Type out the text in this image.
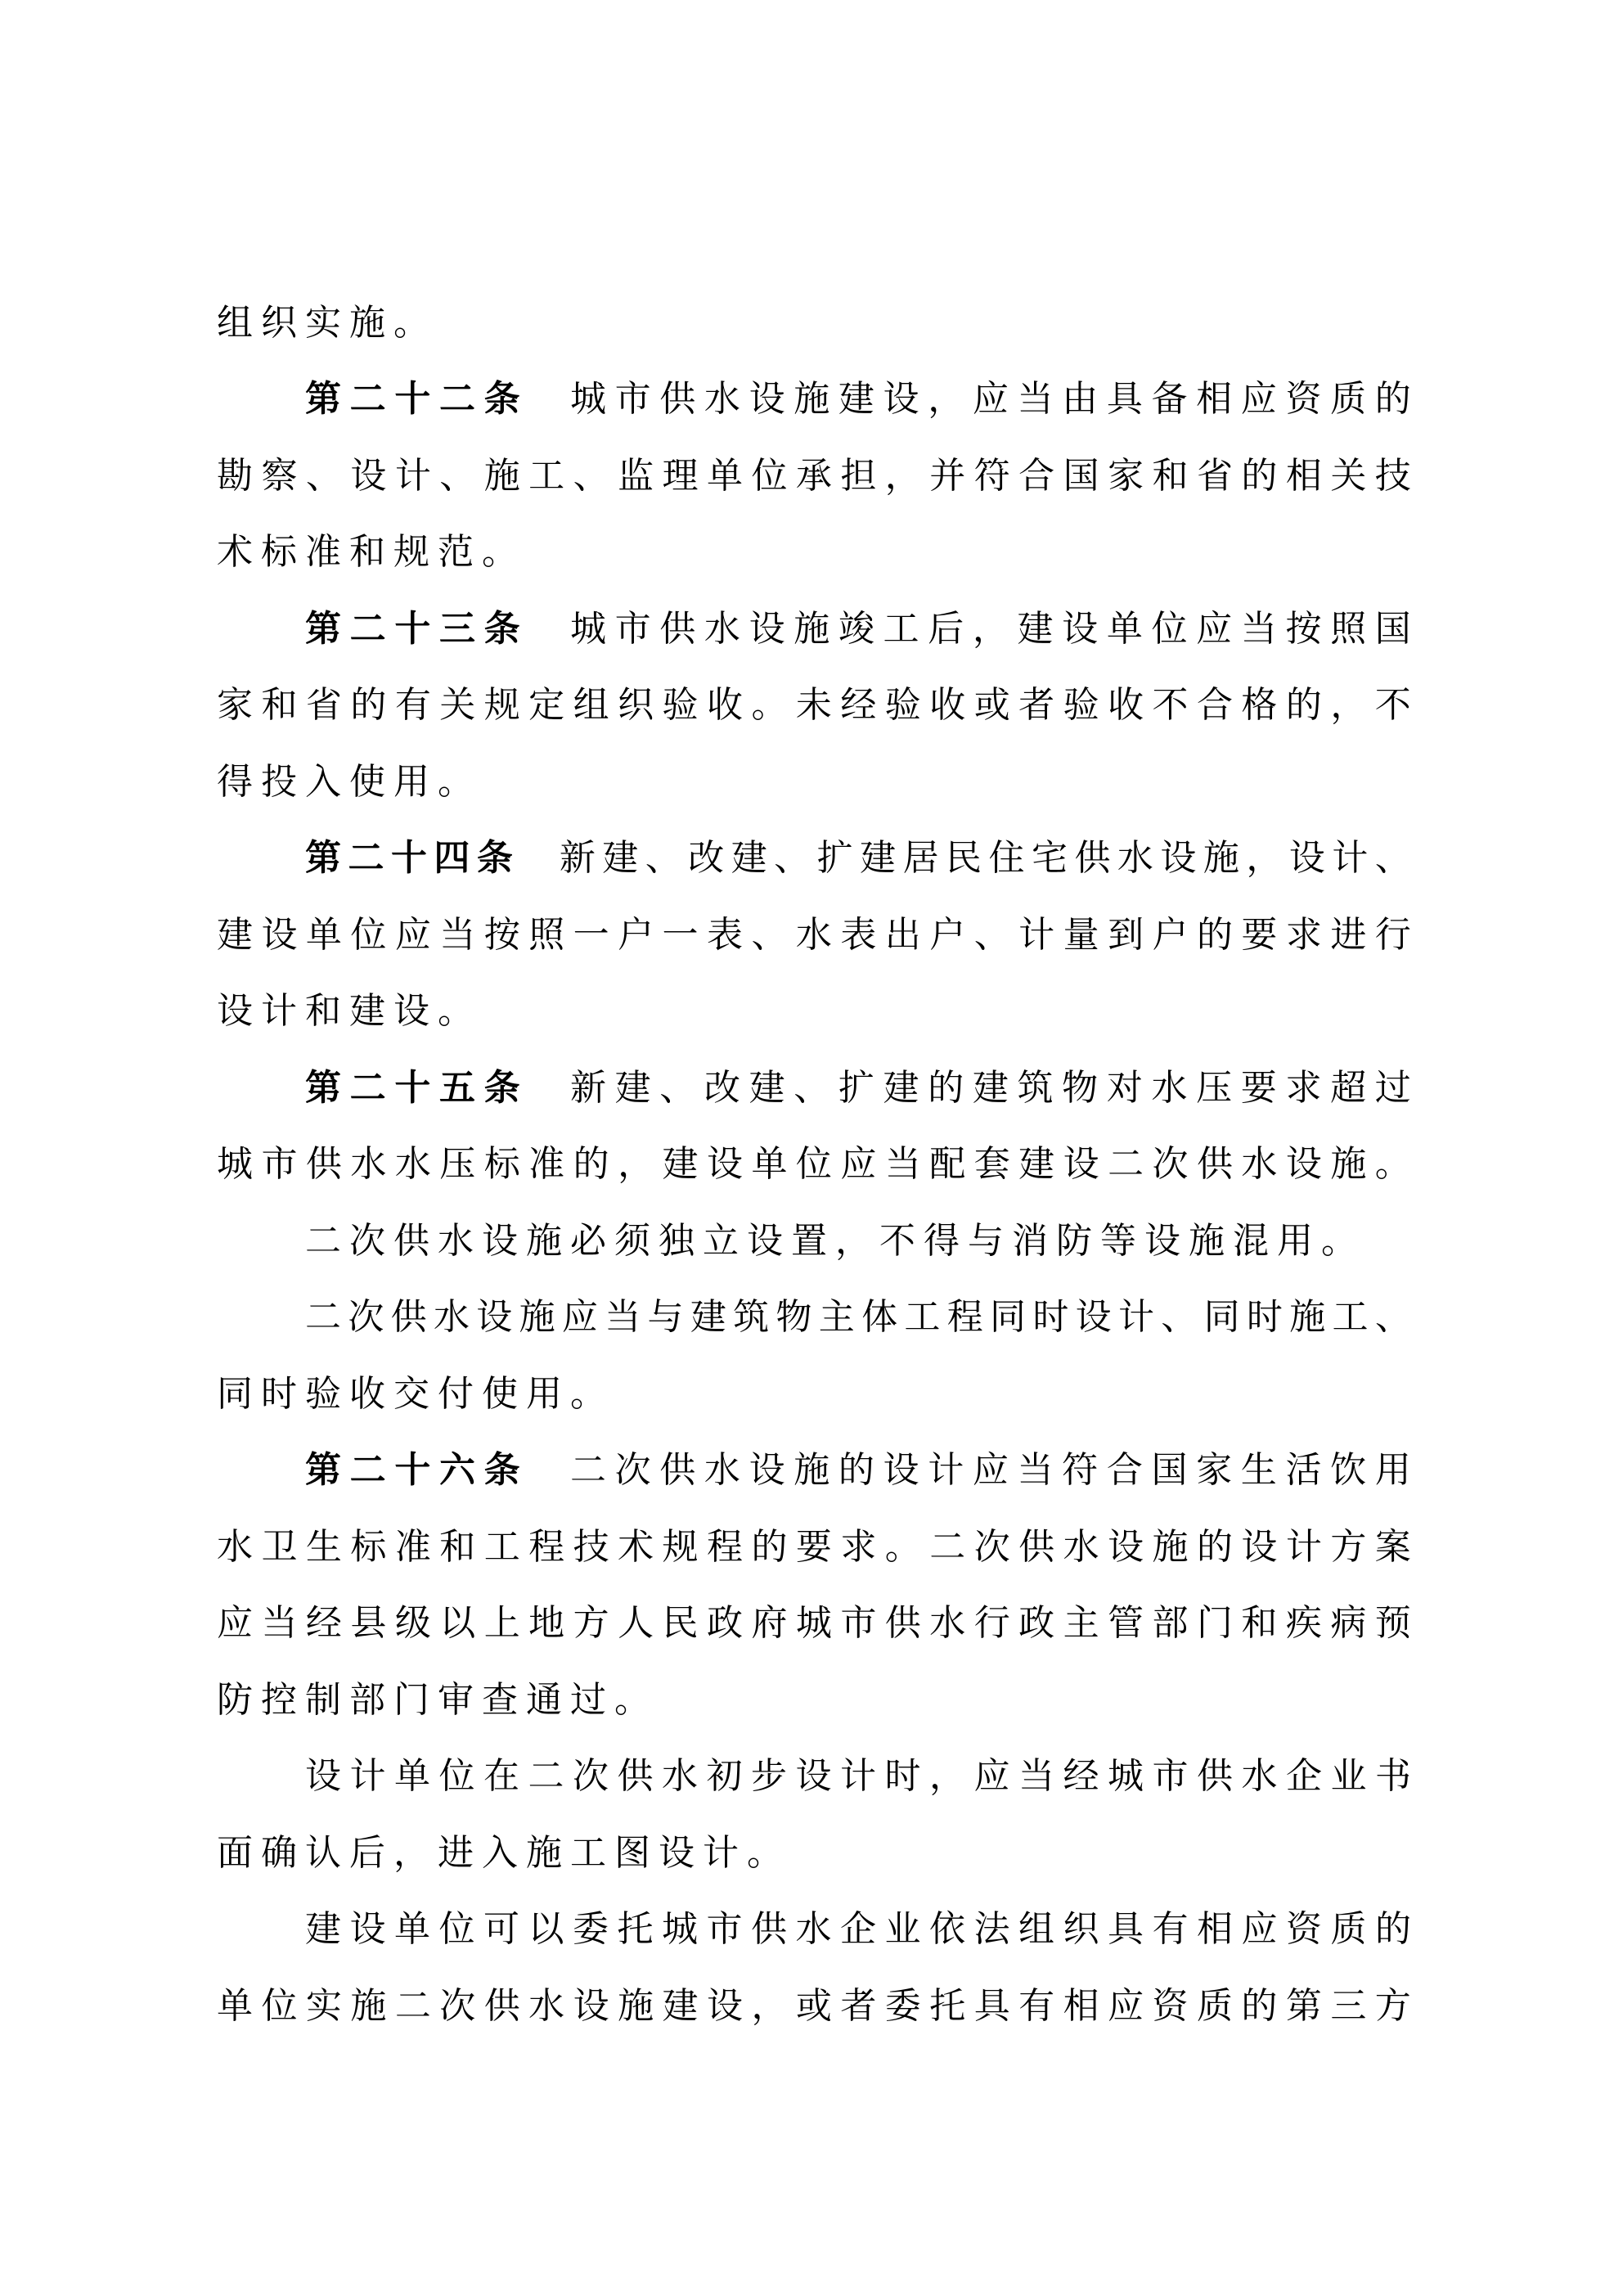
组 织 实 施 。
第 二 十 二 条 城 市 供 水 设 施 建 设 ， 应 当 由 具 备 相 应 资 质 的
勘 察 、 设 计 、 施 工 、 监 理 单 位 承 担 ， 并 符 合 国 家 和 省 的 相 关 技
术 标 准 和 规 范 。
第 二 十 三 条 城 市 供 水 设 施 竣 工 后 ， 建 设 单 位 应 当 按 照 国
家 和 省 的 有 关 规 定 组 织 验 收 。 未 经 验 收 或 者 验 收 不 合 格 的 ， 不
得 投 入 使 用 。
第 二 十 四 条 新 建 、 改 建 、 扩 建 居 民 住 宅 供 水 设 施 ， 设 计 、
建 设 单 位 应 当 按 照 一 户 一 表 、 水 表 出 户 、 计 量 到 户 的 要 求 进 行
设 计 和 建 设 。
第 二 十 五 条 新 建 、 改 建 、 扩 建 的 建 筑 物 对 水 压 要 求 超 过
城 市 供 水 水 压 标 准 的 ， 建 设 单 位 应 当 配 套 建 设 二 次 供 水 设 施 。
二 次 供 水 设 施 必 须 独 立 设 置 ， 不 得 与 消 防 等 设 施 混 用 。
二 次 供 水 设 施 应 当 与 建 筑 物 主 体 工 程 同 时 设 计 、 同 时 施 工 、
同 时 验 收 交 付 使 用 。
第 二 十 六 条 二 次 供 水 设 施 的 设 计 应 当 符 合 国 家 生 活 饮 用
水 卫 生 标 准 和 工 程 技 术 规 程 的 要 求 。 二 次 供 水 设 施 的 设 计 方 案
应 当 经 县 级 以 上 地 方 人 民 政 府 城 市 供 水 行 政 主 管 部 门 和 疾 病 预
防 控 制 部 门 审 查 通 过 。
设 计 单 位 在 二 次 供 水 初 步 设 计 时 ， 应 当 经 城 市 供 水 企 业 书
面 确 认 后 ， 进 入 施 工 图 设 计 。
建 设 单 位 可 以 委 托 城 市 供 水 企 业 依 法 组 织 具 有 相 应 资 质 的
单 位 实 施 二 次 供 水 设 施 建 设 ， 或 者 委 托 具 有 相 应 资 质 的 第 三 方
